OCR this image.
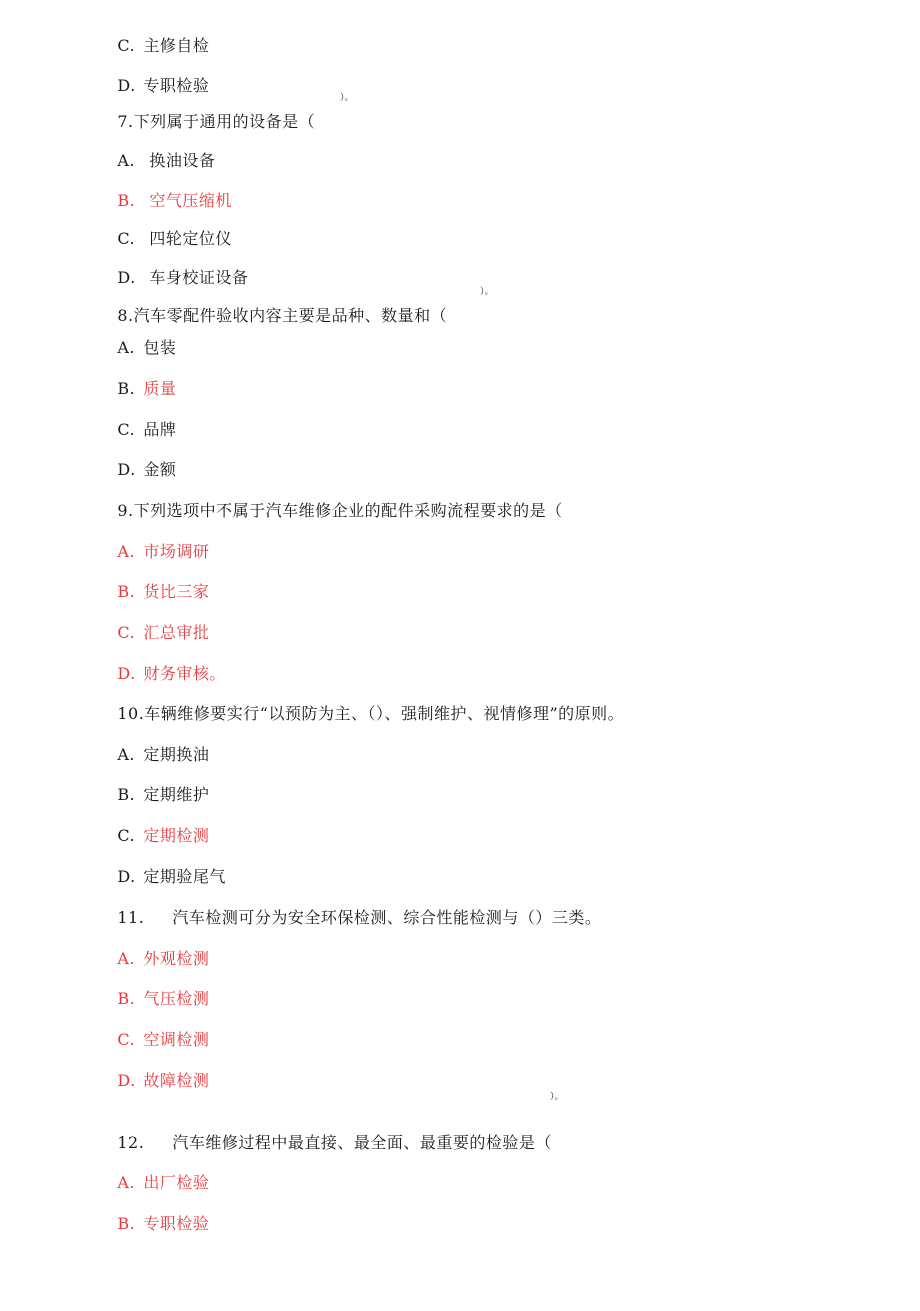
C. 主修自检

D. 专职检验

7.下列属于通用的设备是（

）。

A. 换油设备

B. 空气压缩机

C. 四轮定位仪

D. 车身校证设备

8.汽车零配件验收内容主要是品种、数量和（

）。

A. 包装

B. 质量

C. 品牌

D. 金额

9.下列选项中不属于汽车维修企业的配件采购流程要求的是（

A. 市场调研

B. 货比三家

C. 汇总审批

D. 财务审核。

10.车辆维修要实行“以预防为主、（）、强制维护、视情修理”的原则。

A. 定期换油

B. 定期维护

C. 定期检测

D. 定期验尾气

11. 汽车检测可分为安全环保检测、综合性能检测与（）三类。

A. 外观检测

B. 气压检测

C. 空调检测

D. 故障检测

）。

12. 汽车维修过程中最直接、最全面、最重要的检验是（

A. 出厂检验

B. 专职检验
